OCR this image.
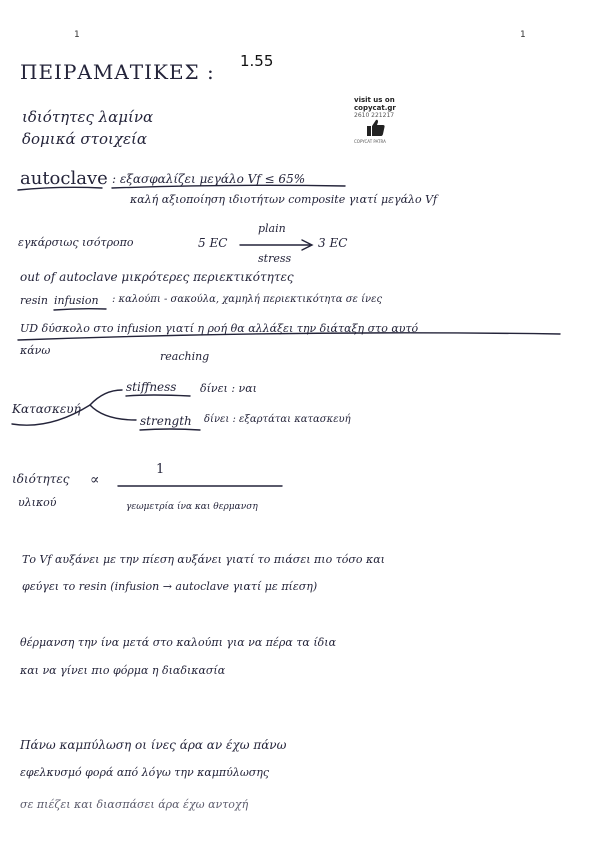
1	1
1.55
visit us on
copycat.gr
2610 221217
COPYCAT PATRA
ΠΕΙΡΑΜΑΤΙΚΕΣ :
ιδιότητες λαμίνα
δομικά στοιχεία
autoclave : εξασφαλίζει μεγάλο Vf ≤ 65%
καλή αξιοποίηση ιδιοτήτων composite γιατί μεγάλο Vf
εγκάρσιως ισότροπο	5 EC
plain
stress
3 EC
out of autoclave μικρότερες περιεκτικότητες
resin infusion : καλούπι - σακούλα, χαμηλή περιεκτικότητα σε ίνες
UD δύσκολο στο infusion γιατί η ροή θα αλλάξει την διάταξη στο αυτό
κάνω	reaching
Κατασκευή
stiffness δίνει : ναι
strength δίνει : εξαρτάται κατασκευή
ιδιότητες ∝
1
υλικού	γεωμετρία ίνα και θερμανση
Το Vf αυξάνει με την πίεση αυξάνει γιατί το πιάσει πιο τόσο και
φεύγει το resin (infusion → autoclave γιατί με πίεση)
θέρμανση την ίνα μετά στο καλούπι για να πέρα τα ίδια
και να γίνει πιο φόρμα η διαδικασία
Πάνω καμπύλωση οι ίνες άρα αν έχω πάνω
εφελκυσμό φορά από λόγω την καμπύλωσης
σε πιέζει και διασπάσει άρα έχω αντοχή
